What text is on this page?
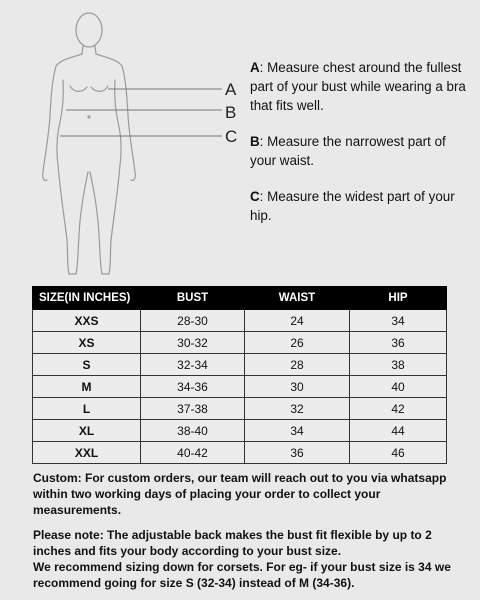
A
B
C

A: Measure chest around the fullest part of your bust while wearing a bra that fits well.

B: Measure the narrowest part of your waist.

C: Measure the widest part of your hip.

SIZE(IN INCHES)	BUST	WAIST	HIP
XXS	28-30	24	34
XS	30-32	26	36
S	32-34	28	38
M	34-36	30	40
L	37-38	32	42
XL	38-40	34	44
XXL	40-42	36	46

Custom: For custom orders, our team will reach out to you via whatsapp within two working days of placing your order to collect your measurements.

Please note: The adjustable back makes the bust fit flexible by up to 2 inches and fits your body according to your bust size.

We recommend sizing down for corsets. For eg- if your bust size is 34 we recommend going for size S (32-34) instead of M (34-36).
